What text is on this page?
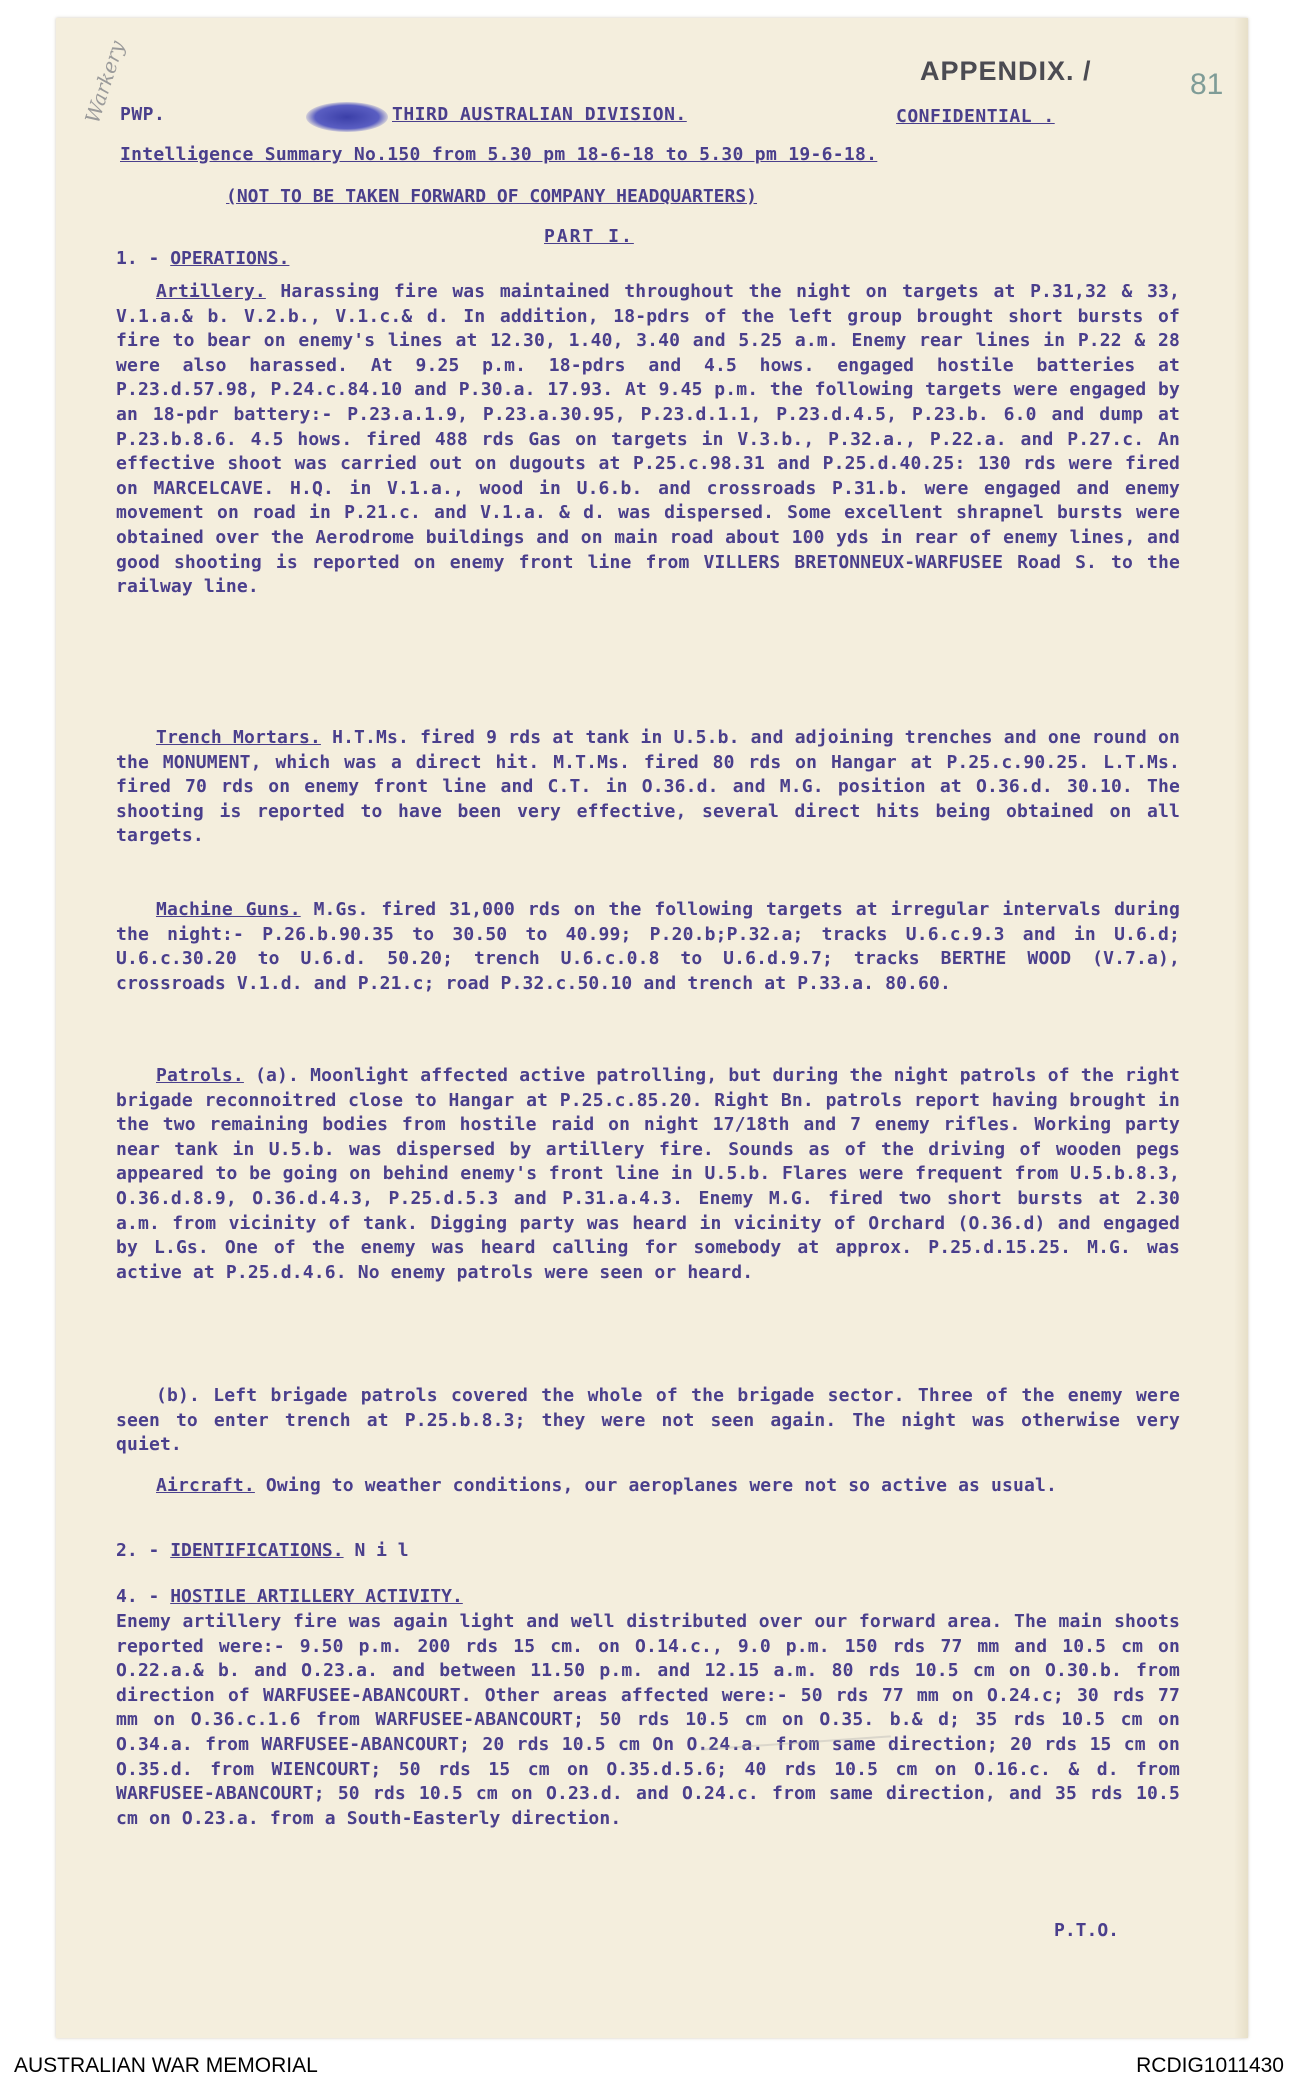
Warkery	APPENDIX. /	81
PWP.	THIRD AUSTRALIAN DIVISION.	CONFIDENTIAL .
Intelligence Summary No.150 from 5.30 pm 18-6-18 to 5.30 pm 19-6-18.
(NOT TO BE TAKEN FORWARD OF COMPANY HEADQUARTERS)
PART I.
1. - OPERATIONS.
Artillery. Harassing fire was maintained throughout the night on targets at P.31,32 & 33, V.1.a.& b. V.2.b., V.1.c.& d. In addition, 18-pdrs of the left group brought short bursts of fire to bear on enemy's lines at 12.30, 1.40, 3.40 and 5.25 a.m. Enemy rear lines in P.22 & 28 were also harassed. At 9.25 p.m. 18-pdrs and 4.5 hows. engaged hostile batteries at P.23.d.57.98, P.24.c.84.10 and P.30.a. 17.93. At 9.45 p.m. the following targets were engaged by an 18-pdr battery:- P.23.a.1.9, P.23.a.30.95, P.23.d.1.1, P.23.d.4.5, P.23.b. 6.0 and dump at P.23.b.8.6. 4.5 hows. fired 488 rds Gas on targets in V.3.b., P.32.a., P.22.a. and P.27.c. An effective shoot was carried out on dugouts at P.25.c.98.31 and P.25.d.40.25: 130 rds were fired on MARCELCAVE. H.Q. in V.1.a., wood in U.6.b. and crossroads P.31.b. were engaged and enemy movement on road in P.21.c. and V.1.a. & d. was dispersed. Some excellent shrapnel bursts were obtained over the Aerodrome buildings and on main road about 100 yds in rear of enemy lines, and good shooting is reported on enemy front line from VILLERS BRETONNEUX-WARFUSEE Road S. to the railway line.
Trench Mortars. H.T.Ms. fired 9 rds at tank in U.5.b. and adjoining trenches and one round on the MONUMENT, which was a direct hit. M.T.Ms. fired 80 rds on Hangar at P.25.c.90.25. L.T.Ms. fired 70 rds on enemy front line and C.T. in O.36.d. and M.G. position at O.36.d. 30.10. The shooting is reported to have been very effective, several direct hits being obtained on all targets.
Machine Guns. M.Gs. fired 31,000 rds on the following targets at irregular intervals during the night:- P.26.b.90.35 to 30.50 to 40.99; P.20.b;P.32.a; tracks U.6.c.9.3 and in U.6.d; U.6.c.30.20 to U.6.d. 50.20; trench U.6.c.0.8 to U.6.d.9.7; tracks BERTHE WOOD (V.7.a), crossroads V.1.d. and P.21.c; road P.32.c.50.10 and trench at P.33.a. 80.60.
Patrols. (a). Moonlight affected active patrolling, but during the night patrols of the right brigade reconnoitred close to Hangar at P.25.c.85.20. Right Bn. patrols report having brought in the two remaining bodies from hostile raid on night 17/18th and 7 enemy rifles. Working party near tank in U.5.b. was dispersed by artillery fire. Sounds as of the driving of wooden pegs appeared to be going on behind enemy's front line in U.5.b. Flares were frequent from U.5.b.8.3, O.36.d.8.9, O.36.d.4.3, P.25.d.5.3 and P.31.a.4.3. Enemy M.G. fired two short bursts at 2.30 a.m. from vicinity of tank. Digging party was heard in vicinity of Orchard (O.36.d) and engaged by L.Gs. One of the enemy was heard calling for somebody at approx. P.25.d.15.25. M.G. was active at P.25.d.4.6. No enemy patrols were seen or heard.
(b). Left brigade patrols covered the whole of the brigade sector. Three of the enemy were seen to enter trench at P.25.b.8.3; they were not seen again. The night was otherwise very quiet.
Aircraft. Owing to weather conditions, our aeroplanes were not so active as usual.
2. - IDENTIFICATIONS. N i l
4. - HOSTILE ARTILLERY ACTIVITY.
Enemy artillery fire was again light and well distributed over our forward area. The main shoots reported were:- 9.50 p.m. 200 rds 15 cm. on O.14.c., 9.0 p.m. 150 rds 77 mm and 10.5 cm on O.22.a.& b. and O.23.a. and between 11.50 p.m. and 12.15 a.m. 80 rds 10.5 cm on O.30.b. from direction of WARFUSEE-ABANCOURT. Other areas affected were:- 50 rds 77 mm on O.24.c; 30 rds 77 mm on O.36.c.1.6 from WARFUSEE-ABANCOURT; 50 rds 10.5 cm on O.35. b.& d; 35 rds 10.5 cm on O.34.a. from WARFUSEE-ABANCOURT; 20 rds 10.5 cm On O.24.a. from same direction; 20 rds 15 cm on O.35.d. from WIENCOURT; 50 rds 15 cm on O.35.d.5.6; 40 rds 10.5 cm on O.16.c. & d. from WARFUSEE-ABANCOURT; 50 rds 10.5 cm on O.23.d. and O.24.c. from same direction, and 35 rds 10.5 cm on O.23.a. from a South-Easterly direction.
P.T.O.
AUSTRALIAN WAR MEMORIAL	RCDIG1011430
